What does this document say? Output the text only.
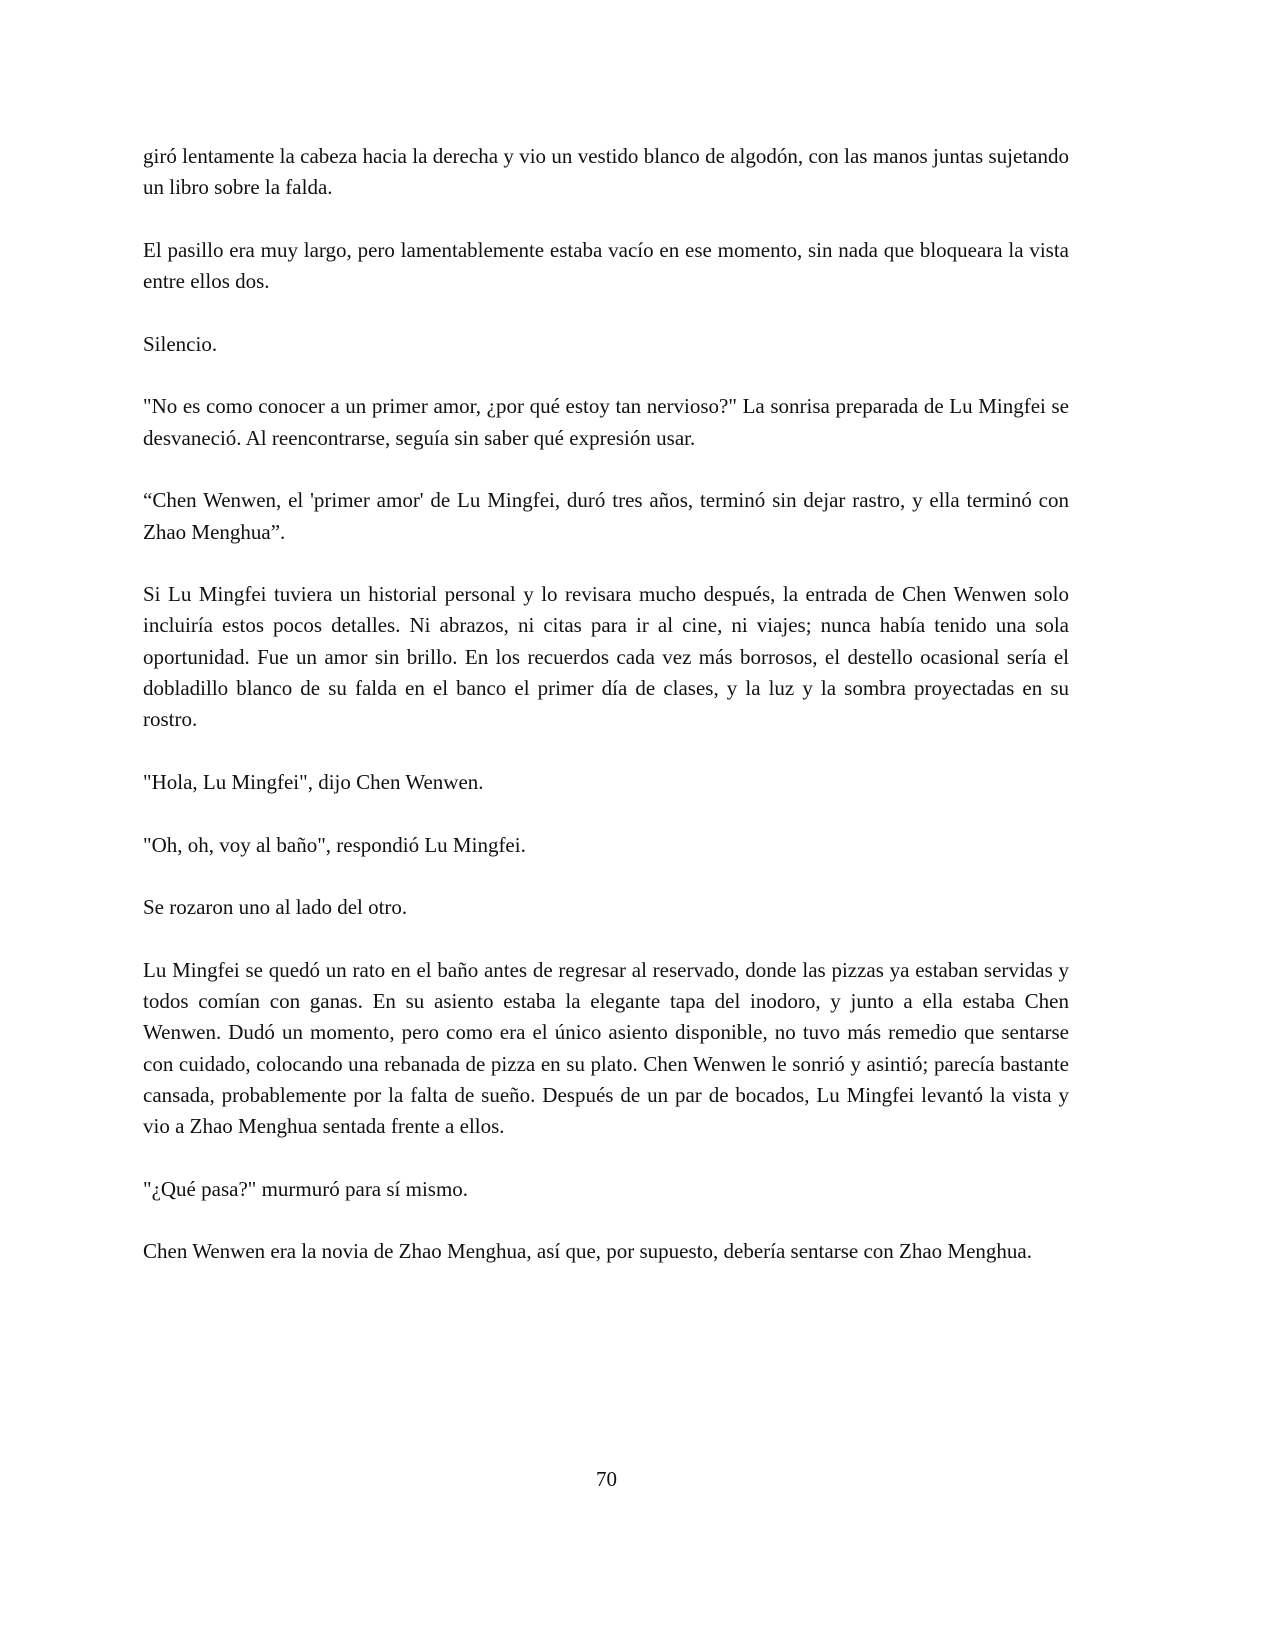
giró lentamente la cabeza hacia la derecha y vio un vestido blanco de algodón, con las manos juntas sujetando un libro sobre la falda.

El pasillo era muy largo, pero lamentablemente estaba vacío en ese momento, sin nada que bloqueara la vista entre ellos dos.

Silencio.

"No es como conocer a un primer amor, ¿por qué estoy tan nervioso?" La sonrisa preparada de Lu Mingfei se desvaneció. Al reencontrarse, seguía sin saber qué expresión usar.

“Chen Wenwen, el 'primer amor' de Lu Mingfei, duró tres años, terminó sin dejar rastro, y ella terminó con Zhao Menghua”.

Si Lu Mingfei tuviera un historial personal y lo revisara mucho después, la entrada de Chen Wenwen solo incluiría estos pocos detalles. Ni abrazos, ni citas para ir al cine, ni viajes; nunca había tenido una sola oportunidad. Fue un amor sin brillo. En los recuerdos cada vez más borrosos, el destello ocasional sería el dobladillo blanco de su falda en el banco el primer día de clases, y la luz y la sombra proyectadas en su rostro.

"Hola, Lu Mingfei", dijo Chen Wenwen.

"Oh, oh, voy al baño", respondió Lu Mingfei.

Se rozaron uno al lado del otro.

Lu Mingfei se quedó un rato en el baño antes de regresar al reservado, donde las pizzas ya estaban servidas y todos comían con ganas. En su asiento estaba la elegante tapa del inodoro, y junto a ella estaba Chen Wenwen. Dudó un momento, pero como era el único asiento disponible, no tuvo más remedio que sentarse con cuidado, colocando una rebanada de pizza en su plato. Chen Wenwen le sonrió y asintió; parecía bastante cansada, probablemente por la falta de sueño. Después de un par de bocados, Lu Mingfei levantó la vista y vio a Zhao Menghua sentada frente a ellos.

"¿Qué pasa?" murmuró para sí mismo.

Chen Wenwen era la novia de Zhao Menghua, así que, por supuesto, debería sentarse con Zhao Menghua.

70
